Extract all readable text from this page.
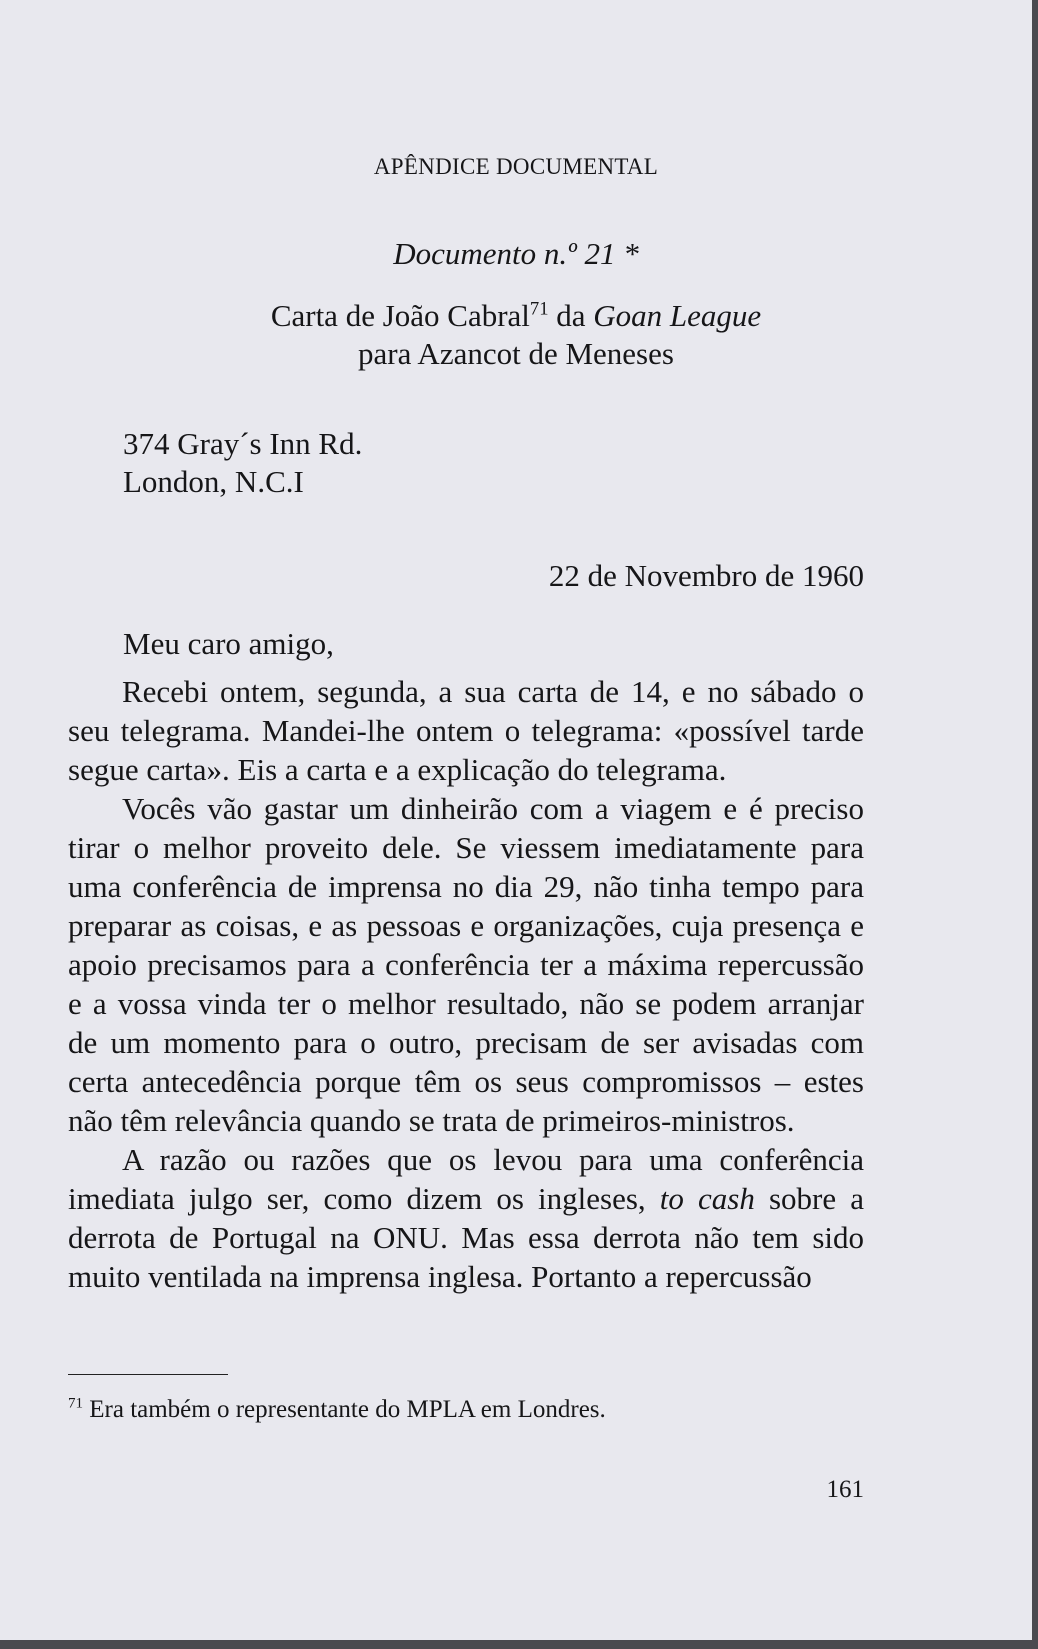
APÊNDICE DOCUMENTAL
Documento n.º 21 *
Carta de João Cabral$^{71}$ da Goan League
para Azancot de Meneses
374 Gray´s Inn Rd.
London, N.C.I
22 de Novembro de 1960
Meu caro amigo,

Recebi ontem, segunda, a sua carta de 14, e no sábado o seu telegrama. Mandei-lhe ontem o telegrama: «possível tarde segue carta». Eis a carta e a explicação do telegrama.

Vocês vão gastar um dinheirão com a viagem e é preciso tirar o melhor proveito dele. Se viessem imediatamente para uma conferência de imprensa no dia 29, não tinha tempo para preparar as coisas, e as pessoas e organizações, cuja presença e apoio precisamos para a conferência ter a máxima repercussão e a vossa vinda ter o melhor resultado, não se podem arranjar de um momento para o outro, precisam de ser avisadas com certa antecedência porque têm os seus compromissos – estes não têm relevância quando se trata de primeiros-ministros.

A razão ou razões que os levou para uma conferência imediata julgo ser, como dizem os ingleses, to cash sobre a derrota de Portugal na ONU. Mas essa derrota não tem sido muito ventilada na imprensa inglesa. Portanto a repercussão

$^{71}$ Era também o representante do MPLA em Londres.
161
